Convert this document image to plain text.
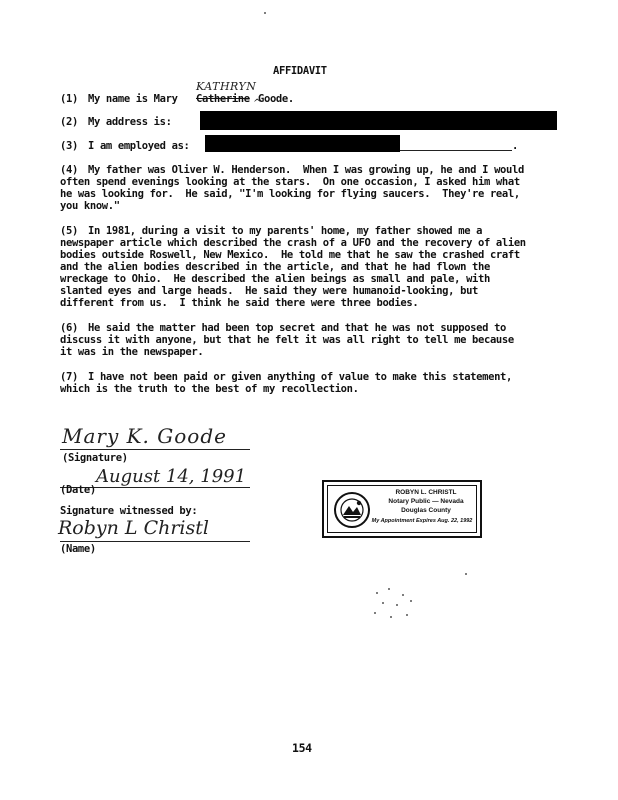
AFFIDAVIT
KATHRYN
(1) My name is Mary Catherine ^
Goode.
(2) My address is:
(3) I am employed as:	.
(4) My father was Oliver W. Henderson.  When I was growing up, he and I would
often spend evenings looking at the stars.  On one occasion, I asked him what
he was looking for.  He said, "I'm looking for flying saucers.  They're real,
you know."
(5) In 1981, during a visit to my parents' home, my father showed me a
newspaper article which described the crash of a UFO and the recovery of alien
bodies outside Roswell, New Mexico.  He told me that he saw the crashed craft
and the alien bodies described in the article, and that he had flown the
wreckage to Ohio.  He described the alien beings as small and pale, with
slanted eyes and large heads.  He said they were humanoid-looking, but
different from us.  I think he said there were three bodies.
(6) He said the matter had been top secret and that he was not supposed to
discuss it with anyone, but that he felt it was all right to tell me because
it was in the newspaper.
(7) I have not been paid or given anything of value to make this statement,
which is the truth to the best of my recollection.
Mary K. Goode
(Signature)
August 14, 1991
(Date)
Signature witnessed by:
Robyn L Christl
(Name)
ROBYN L. CHRISTL
Notary Public — Nevada
Douglas County
My Appointment Expires Aug. 22, 1992
154
